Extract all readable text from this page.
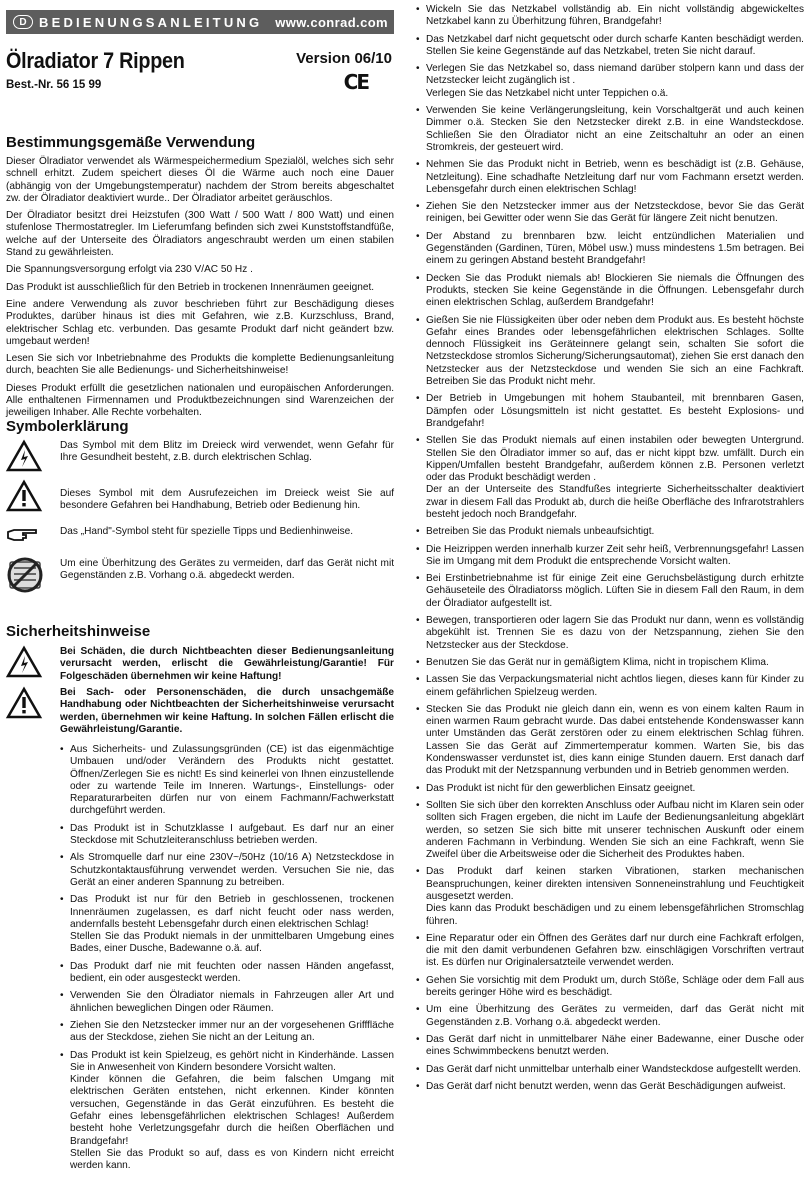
D BEDIENUNGSANLEITUNG www.conrad.com
Ölradiator 7 Rippen	Version 06/10
CE
Best.-Nr. 56 15 99
Bestimmungsgemäße Verwendung

Dieser Ölradiator verwendet als Wärmespeichermedium Spezialöl, welches sich sehr schnell erhitzt. Zudem speichert dieses Öl die Wärme auch noch eine Dauer (abhängig von der Umgebungstemperatur) nachdem der Strom bereits abgeschaltet zw. der Ölradiator deaktiviert wurde.. Der Ölradiator arbeitet geräuschlos.

Der Ölradiator besitzt drei Heizstufen (300 Watt / 500 Watt / 800 Watt) und einen stufenlose Thermostatregler. Im Lieferumfang befinden sich zwei Kunststoffstandfüße, welche auf der Unterseite des Ölradiators angeschraubt werden um einen stabilen Stand zu gewährleisten.

Die Spannungsversorgung erfolgt via 230 V/AC 50 Hz .

Das Produkt ist ausschließlich für den Betrieb in trockenen Innenräumen geeignet.

Eine andere Verwendung als zuvor beschrieben führt zur Beschädigung dieses Produktes, darüber hinaus ist dies mit Gefahren, wie z.B. Kurzschluss, Brand, elektrischer Schlag etc. verbunden. Das gesamte Produkt darf nicht geändert bzw. umgebaut werden!

Lesen Sie sich vor Inbetriebnahme des Produkts die komplette Bedienungsanleitung durch, beachten Sie alle Bedienungs- und Sicherheitshinweise!

Dieses Produkt erfüllt die gesetzlichen nationalen und europäischen Anforderungen. Alle enthaltenen Firmennamen und Produktbezeichnungen sind Warenzeichen der jeweiligen Inhaber. Alle Rechte vorbehalten.

Symbolerklärung
Das Symbol mit dem Blitz im Dreieck wird verwendet, wenn Gefahr für Ihre Gesundheit besteht, z.B. durch elektrischen Schlag.
Dieses Symbol mit dem Ausrufezeichen im Dreieck weist Sie auf besondere Gefahren bei Handhabung, Betrieb oder Bedienung hin.
Das „Hand"-Symbol steht für spezielle Tipps und Bedienhinweise.
Um eine Überhitzung des Gerätes zu vermeiden, darf das Gerät nicht mit Gegenständen z.B. Vorhang o.ä. abgedeckt werden.
Sicherheitshinweise
Bei Schäden, die durch Nichtbeachten dieser Bedienungsanleitung verursacht werden, erlischt die Gewährleistung/Garantie! Für Folgeschäden übernehmen wir keine Haftung!
Bei Sach- oder Personenschäden, die durch unsachgemäße Handhabung oder Nichtbeachten der Sicherheitshinweise verursacht werden, übernehmen wir keine Haftung. In solchen Fällen erlischt die Gewährleistung/Garantie.
• Aus Sicherheits- und Zulassungsgründen (CE) ist das eigenmächtige Umbauen und/oder Verändern des Produkts nicht gestattet. Öffnen/Zerlegen Sie es nicht! Es sind keinerlei von Ihnen einzustellende oder zu wartende Teile im Inneren. Wartungs-, Einstellungs- oder Reparaturarbeiten dürfen nur von einem Fachmann/Fachwerkstatt durchgeführt werden.
• Das Produkt ist in Schutzklasse I aufgebaut. Es darf nur an einer Steckdose mit Schutzleiteranschluss betrieben werden.
• Als Stromquelle darf nur eine 230V~/50Hz (10/16 A) Netzsteckdose in Schutzkontaktausführung verwendet werden. Versuchen Sie nie, das Gerät an einer anderen Spannung zu betreiben.
• Das Produkt ist nur für den Betrieb in geschlossenen, trockenen Innenräumen zugelassen, es darf nicht feucht oder nass werden, andernfalls besteht Lebensgefahr durch einen elektrischen Schlag!
Stellen Sie das Produkt niemals in der unmittelbaren Umgebung eines Bades, einer Dusche, Badewanne o.ä. auf.
• Das Produkt darf nie mit feuchten oder nassen Händen angefasst, bedient, ein oder ausgesteckt werden.
• Verwenden Sie den Ölradiator niemals in Fahrzeugen aller Art und ähnlichen beweglichen Dingen oder Räumen.
• Ziehen Sie den Netzstecker immer nur an der vorgesehenen Grifffläche aus der Steckdose, ziehen Sie nicht an der Leitung an.
• Das Produkt ist kein Spielzeug, es gehört nicht in Kinderhände. Lassen Sie in Anwesenheit von Kindern besondere Vorsicht walten.
Kinder können die Gefahren, die beim falschen Umgang mit elektrischen Geräten entstehen, nicht erkennen. Kinder könnten versuchen, Gegenstände in das Gerät einzuführen. Es besteht die Gefahr eines lebensgefährlichen elektrischen Schlages! Außerdem besteht hohe Verletzungsgefahr durch die heißen Oberflächen und Brandgefahr!
Stellen Sie das Produkt so auf, dass es von Kindern nicht erreicht werden kann.
• Wickeln Sie das Netzkabel vollständig ab. Ein nicht vollständig abgewickeltes Netzkabel kann zu Überhitzung führen, Brandgefahr!
• Das Netzkabel darf nicht gequetscht oder durch scharfe Kanten beschädigt werden. Stellen Sie keine Gegenstände auf das Netzkabel, treten Sie nicht darauf.
• Verlegen Sie das Netzkabel so, dass niemand darüber stolpern kann und dass der Netzstecker leicht zugänglich ist .
Verlegen Sie das Netzkabel nicht unter Teppichen o.ä.
• Verwenden Sie keine Verlängerungsleitung, kein Vorschaltgerät und auch keinen Dimmer o.ä. Stecken Sie den Netzstecker direkt z.B. in eine Wandsteckdose. Schließen Sie den Ölradiator nicht an eine Zeitschaltuhr an oder an einen Stromkreis, der gesteuert wird.
• Nehmen Sie das Produkt nicht in Betrieb, wenn es beschädigt ist (z.B. Gehäuse, Netzleitung). Eine schadhafte Netzleitung darf nur vom Fachmann ersetzt werden. Lebensgefahr durch einen elektrischen Schlag!
• Ziehen Sie den Netzstecker immer aus der Netzsteckdose, bevor Sie das Gerät reinigen, bei Gewitter oder wenn Sie das Gerät für längere Zeit nicht benutzen.
• Der Abstand zu brennbaren bzw. leicht entzündlichen Materialien und Gegenständen (Gardinen, Türen, Möbel usw.) muss mindestens 1.5m betragen. Bei einem zu geringen Abstand besteht Brandgefahr!
• Decken Sie das Produkt niemals ab! Blockieren Sie niemals die Öffnungen des Produkts, stecken Sie keine Gegenstände in die Öffnungen. Lebensgefahr durch einen elektrischen Schlag, außerdem Brandgefahr!
• Gießen Sie nie Flüssigkeiten über oder neben dem Produkt aus. Es besteht höchste Gefahr eines Brandes oder lebensgefährlichen elektrischen Schlages. Sollte dennoch Flüssigkeit ins Geräteinnere gelangt sein, schalten Sie sofort die Netzsteckdose stromlos Sicherung/Sicherungsautomat), ziehen Sie erst danach den Netzstecker aus der Netzsteckdose und wenden Sie sich an eine Fachkraft. Betreiben Sie das Produkt nicht mehr.
• Der Betrieb in Umgebungen mit hohem Staubanteil, mit brennbaren Gasen, Dämpfen oder Lösungsmitteln ist nicht gestattet. Es besteht Explosions- und Brandgefahr!
• Stellen Sie das Produkt niemals auf einen instabilen oder bewegten Untergrund. Stellen Sie den Ölradiator immer so auf, das er nicht kippt bzw. umfällt. Durch ein Kippen/Umfallen besteht Brandgefahr, außerdem können z.B. Personen verletzt oder das Produkt beschädigt werden .
Der an der Unterseite des Standfußes integrierte Sicherheitsschalter deaktiviert zwar in diesem Fall das Produkt ab, durch die heiße Oberfläche des Infrarotstrahlers besteht jedoch noch Brandgefahr.
• Betreiben Sie das Produkt niemals unbeaufsichtigt.
• Die Heizrippen werden innerhalb kurzer Zeit sehr heiß, Verbrennungsgefahr! Lassen Sie im Umgang mit dem Produkt die entsprechende Vorsicht walten.
• Bei Erstinbetriebnahme ist für einige Zeit eine Geruchsbelästigung durch erhitzte Gehäuseteile des Ölradiatorss möglich. Lüften Sie in diesem Fall den Raum, in dem der Ölradiator aufgestellt ist.
• Bewegen, transportieren oder lagern Sie das Produkt nur dann, wenn es vollständig abgekühlt ist. Trennen Sie es dazu von der Netzspannung, ziehen Sie den Netzstecker aus der Steckdose.
• Benutzen Sie das Gerät nur in gemäßigtem Klima, nicht in tropischem Klima.
• Lassen Sie das Verpackungsmaterial nicht achtlos liegen, dieses kann für Kinder zu einem gefährlichen Spielzeug werden.
• Stecken Sie das Produkt nie gleich dann ein, wenn es von einem kalten Raum in einen warmen Raum gebracht wurde. Das dabei entstehende Kondenswasser kann unter Umständen das Gerät zerstören oder zu einem elektrischen Schlag führen. Lassen Sie das Gerät auf Zimmertemperatur kommen. Warten Sie, bis das Kondenswasser verdunstet ist, dies kann einige Stunden dauern. Erst danach darf das Produkt mit der Netzspannung verbunden und in Betrieb genommen werden.
• Das Produkt ist nicht für den gewerblichen Einsatz geeignet.
• Sollten Sie sich über den korrekten Anschluss oder Aufbau nicht im Klaren sein oder sollten sich Fragen ergeben, die nicht im Laufe der Bedienungsanleitung abgeklärt werden, so setzen Sie sich bitte mit unserer technischen Auskunft oder einem anderen Fachmann in Verbindung. Wenden Sie sich an eine Fachkraft, wenn Sie Zweifel über die Arbeitsweise oder die Sicherheit des Produktes haben.
• Das Produkt darf keinen starken Vibrationen, starken mechanischen Beanspruchungen, keiner direkten intensiven Sonneneinstrahlung und Feuchtigkeit ausgesetzt werden.
Dies kann das Produkt beschädigen und zu einem lebensgefährlichen Stromschlag führen.
• Eine Reparatur oder ein Öffnen des Gerätes darf nur durch eine Fachkraft erfolgen, die mit den damit verbundenen Gefahren bzw. einschlägigen Vorschriften vertraut ist. Es dürfen nur Originalersatzteile verwendet werden.
• Gehen Sie vorsichtig mit dem Produkt um, durch Stöße, Schläge oder dem Fall aus bereits geringer Höhe wird es beschädigt.
• Um eine Überhitzung des Gerätes zu vermeiden, darf das Gerät nicht mit Gegenständen z.B. Vorhang o.ä. abgedeckt werden.
• Das Gerät darf nicht in unmittelbarer Nähe einer Badewanne, einer Dusche oder eines Schwimmbeckens benutzt werden.
• Das Gerät darf nicht unmittelbar unterhalb einer Wandsteckdose aufgestellt werden.
• Das Gerät darf nicht benutzt werden, wenn das Gerät Beschädigungen aufweist.
